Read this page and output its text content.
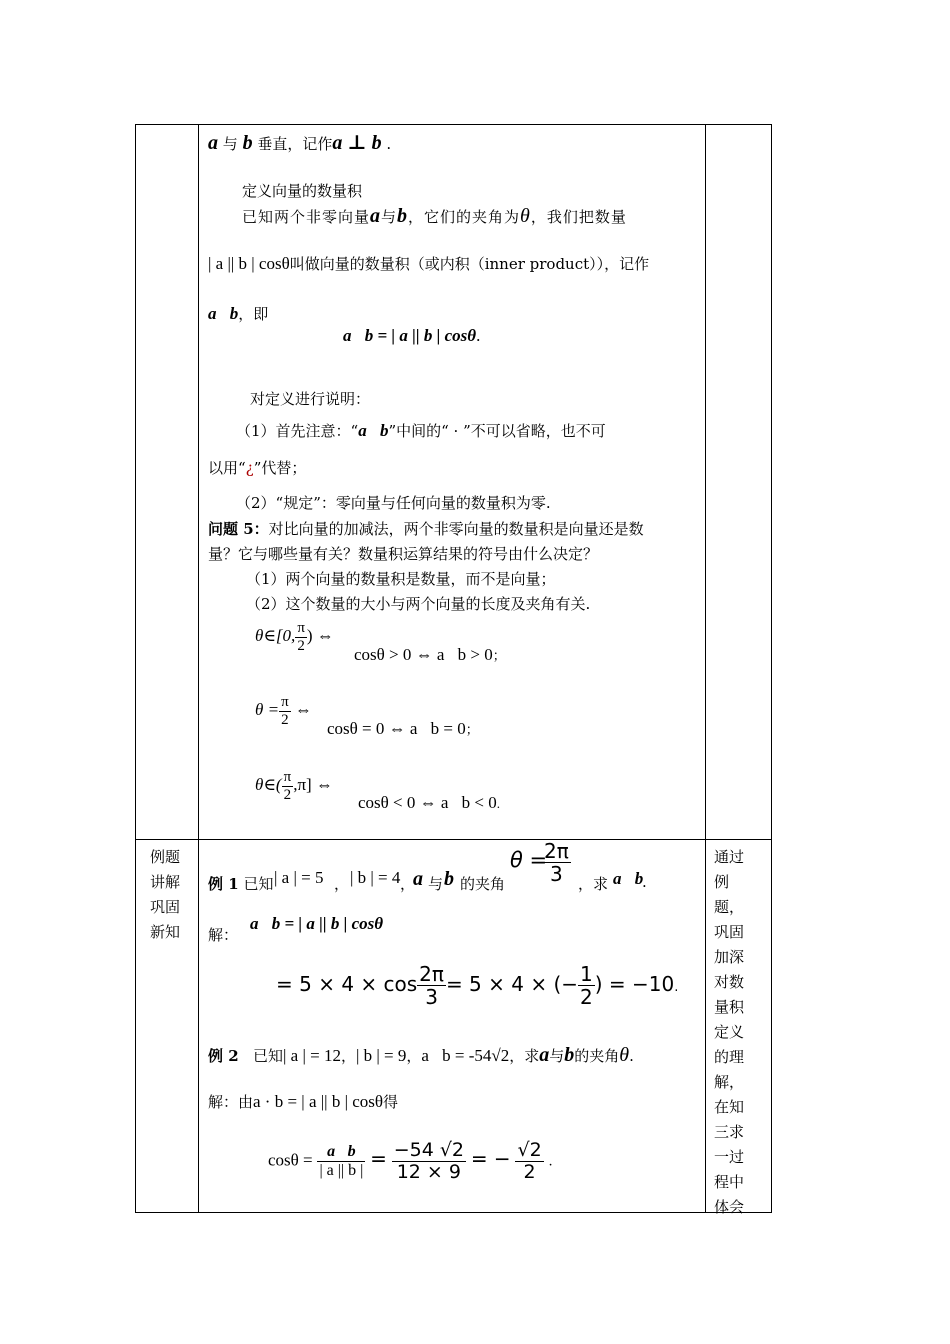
a 与 b 垂直，记作a ⊥ b .
定义向量的数量积
已知两个非零向量a与b，它们的夹角为θ，我们把数量
| a || b | cosθ叫做向量的数量积（或内积（inner product）），记作
a⃞b，即
a⃞b = | a || b | cosθ.
对定义进行说明：
（1）首先注意：“a⃞b”中间的“ · ”不可以省略，也不可
以用“¿”代替；
（2）“规定”：零向量与任何向量的数量积为零.
问题 5：对比向量的加减法，两个非零向量的数量积是向量还是数
量？它与哪些量有关？数量积运算结果的符号由什么决定？
（1）两个向量的数量积是数量，而不是向量；
（2）这个数量的大小与两个向量的长度及夹角有关.
θ∈[0, $\frac{\pi}{2}$ ) ⇔
cosθ > 0 ⇔ a⃞b > 0；
$\theta = \frac{\pi}{2}$ ⇔
cosθ = 0 ⇔ a⃞b = 0；
θ∈( $\frac{\pi}{2} ,\pi$] ⇔
cosθ < 0 ⇔ a⃞b < 0.
例题
讲解
巩固
新知
通过
例
题，
巩固
加深
对数
量积
定义
的理
解，
在知
三求
一过
程中
体会
例 1 已知 | a | = 5 ， | b | = 4 ，
a 与 b 的夹角
θ =
$\frac{2\pi}{3}$ ，求 a⃞b
.
解：
a⃞b = | a || b | cosθ
= $5 \times 4 \times \cos \frac{2\pi}{3} = 5 \times 4$ × (− $\frac{1}{2}$ ) = −10.
例 2 已知| a | = 12，| b | = 9，a⃞b = -54√2，求a与b的夹角θ.
解：由a · b = | a || b | cosθ得
$\cos\theta = \frac{a⃞b}{| a || b |} = \frac{-54 √2}{12 \times 9}$ = − $\frac{√2}{2}$ .
